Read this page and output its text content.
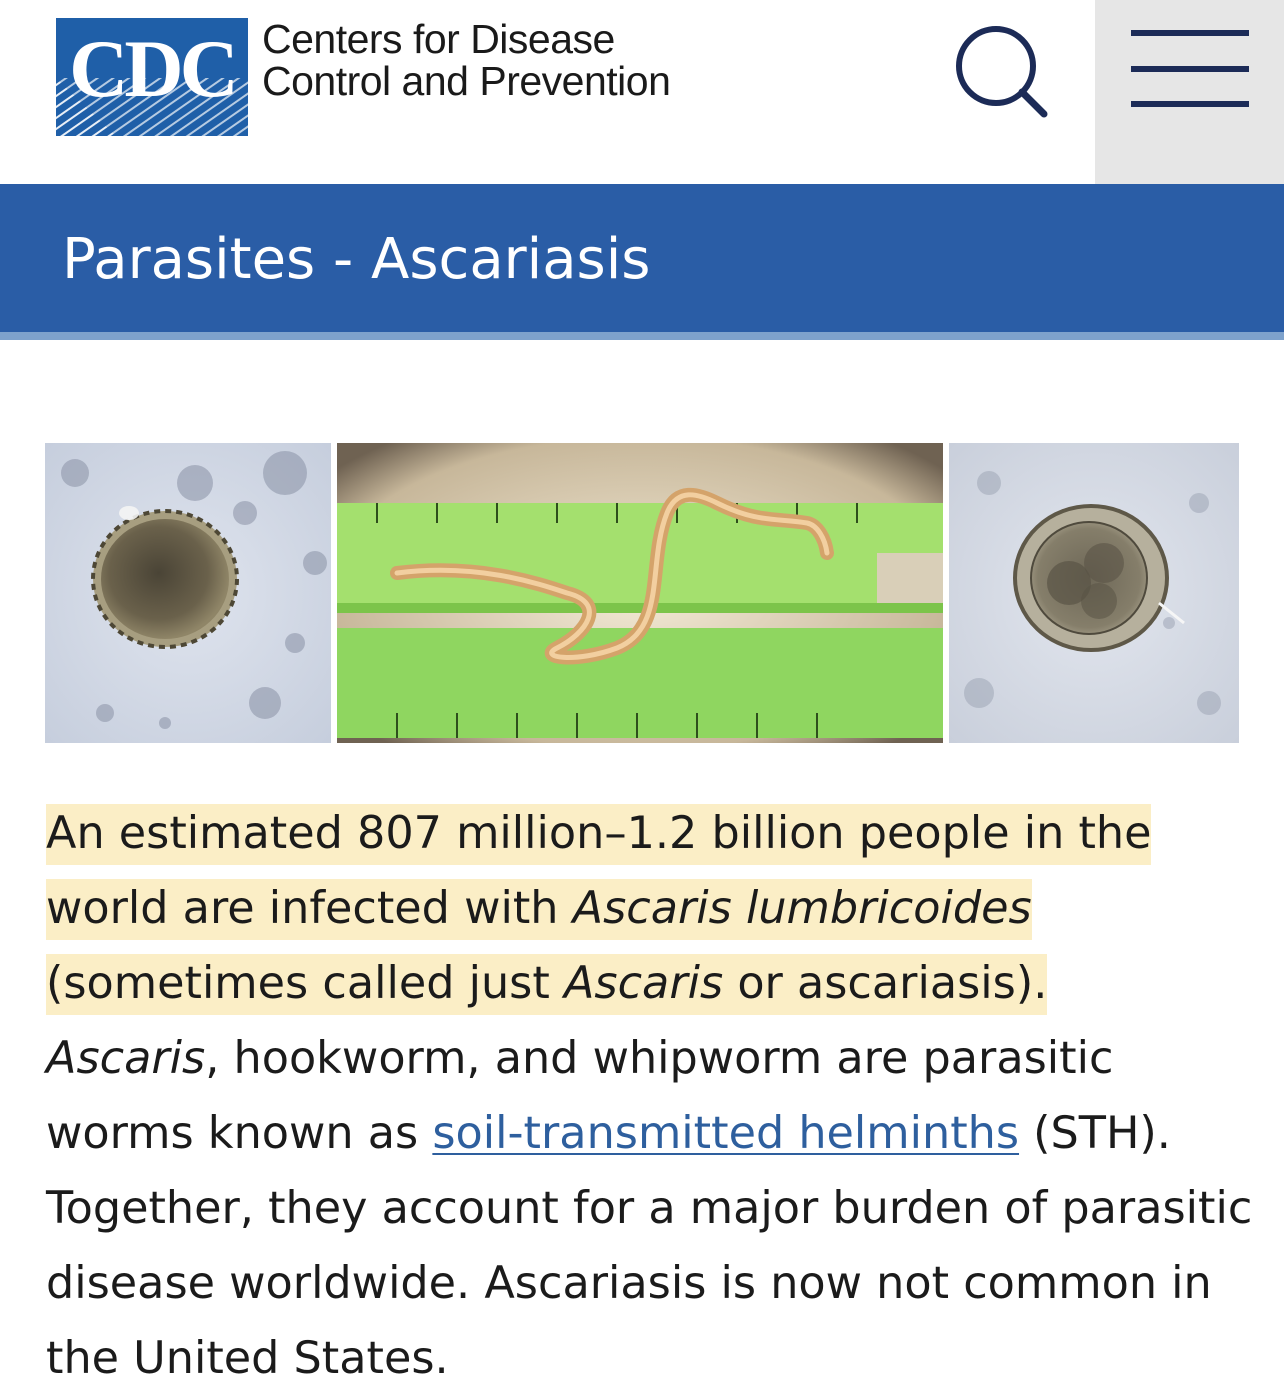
CDC Centers for Disease
Control and Prevention
Parasites - Ascariasis

An estimated 807 million–1.2 billion people in the world are infected with Ascaris lumbricoides (sometimes called just Ascaris or ascariasis).
Ascaris, hookworm, and whipworm are parasitic worms known as soil-transmitted helminths (STH). Together, they account for a major burden of parasitic disease worldwide. Ascariasis is now not common in the United States.
